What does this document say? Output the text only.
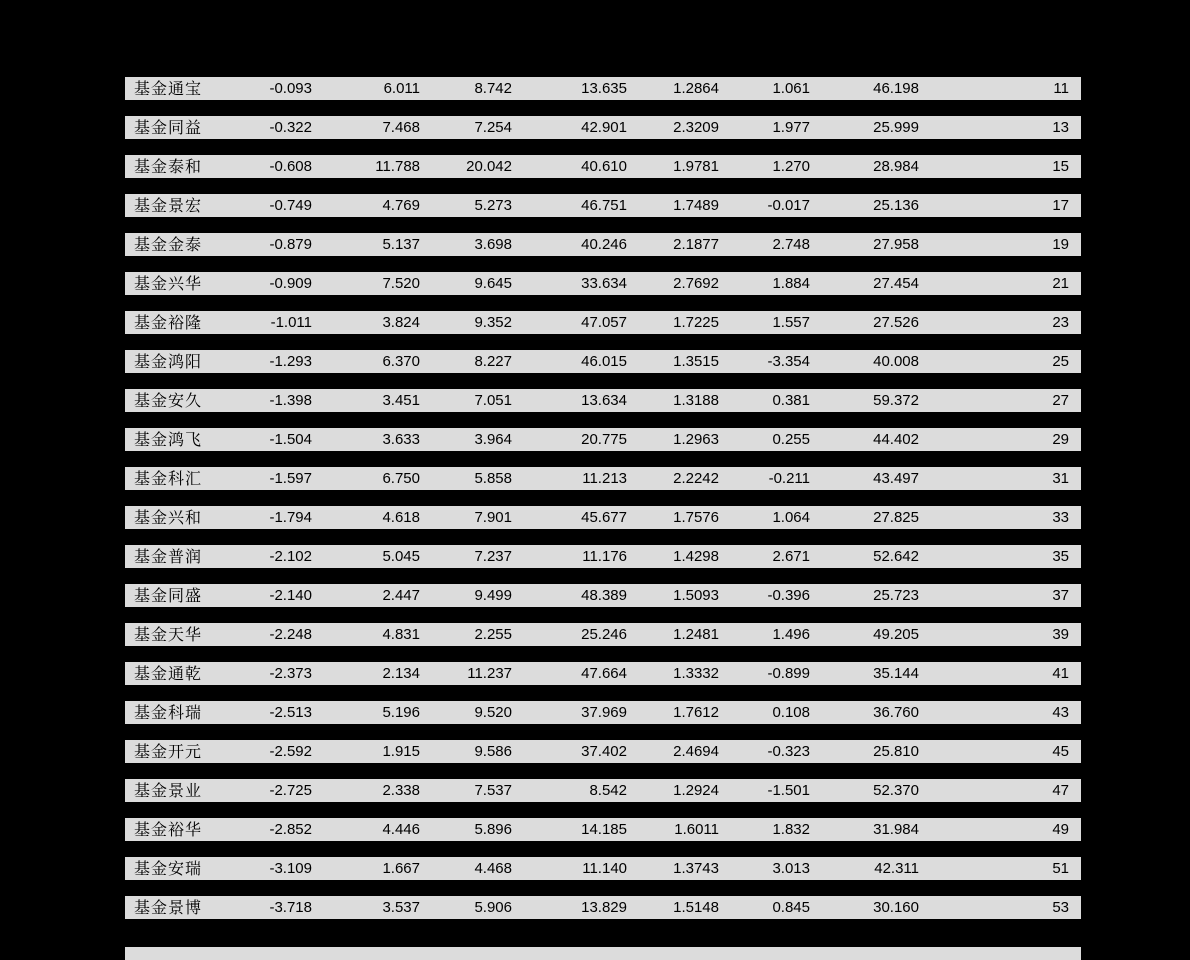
基金通宝	-0.093	6.011	8.742	13.635	1.2864	1.061	46.198	11
基金同益	-0.322	7.468	7.254	42.901	2.3209	1.977	25.999	13
基金泰和	-0.608	11.788	20.042	40.610	1.9781	1.270	28.984	15
基金景宏	-0.749	4.769	5.273	46.751	1.7489	-0.017	25.136	17
基金金泰	-0.879	5.137	3.698	40.246	2.1877	2.748	27.958	19
基金兴华	-0.909	7.520	9.645	33.634	2.7692	1.884	27.454	21
基金裕隆	-1.011	3.824	9.352	47.057	1.7225	1.557	27.526	23
基金鸿阳	-1.293	6.370	8.227	46.015	1.3515	-3.354	40.008	25
基金安久	-1.398	3.451	7.051	13.634	1.3188	0.381	59.372	27
基金鸿飞	-1.504	3.633	3.964	20.775	1.2963	0.255	44.402	29
基金科汇	-1.597	6.750	5.858	11.213	2.2242	-0.211	43.497	31
基金兴和	-1.794	4.618	7.901	45.677	1.7576	1.064	27.825	33
基金普润	-2.102	5.045	7.237	11.176	1.4298	2.671	52.642	35
基金同盛	-2.140	2.447	9.499	48.389	1.5093	-0.396	25.723	37
基金天华	-2.248	4.831	2.255	25.246	1.2481	1.496	49.205	39
基金通乾	-2.373	2.134	11.237	47.664	1.3332	-0.899	35.144	41
基金科瑞	-2.513	5.196	9.520	37.969	1.7612	0.108	36.760	43
基金开元	-2.592	1.915	9.586	37.402	2.4694	-0.323	25.810	45
基金景业	-2.725	2.338	7.537	8.542	1.2924	-1.501	52.370	47
基金裕华	-2.852	4.446	5.896	14.185	1.6011	1.832	31.984	49
基金安瑞	-3.109	1.667	4.468	11.140	1.3743	3.013	42.311	51
基金景博	-3.718	3.537	5.906	13.829	1.5148	0.845	30.160	53
